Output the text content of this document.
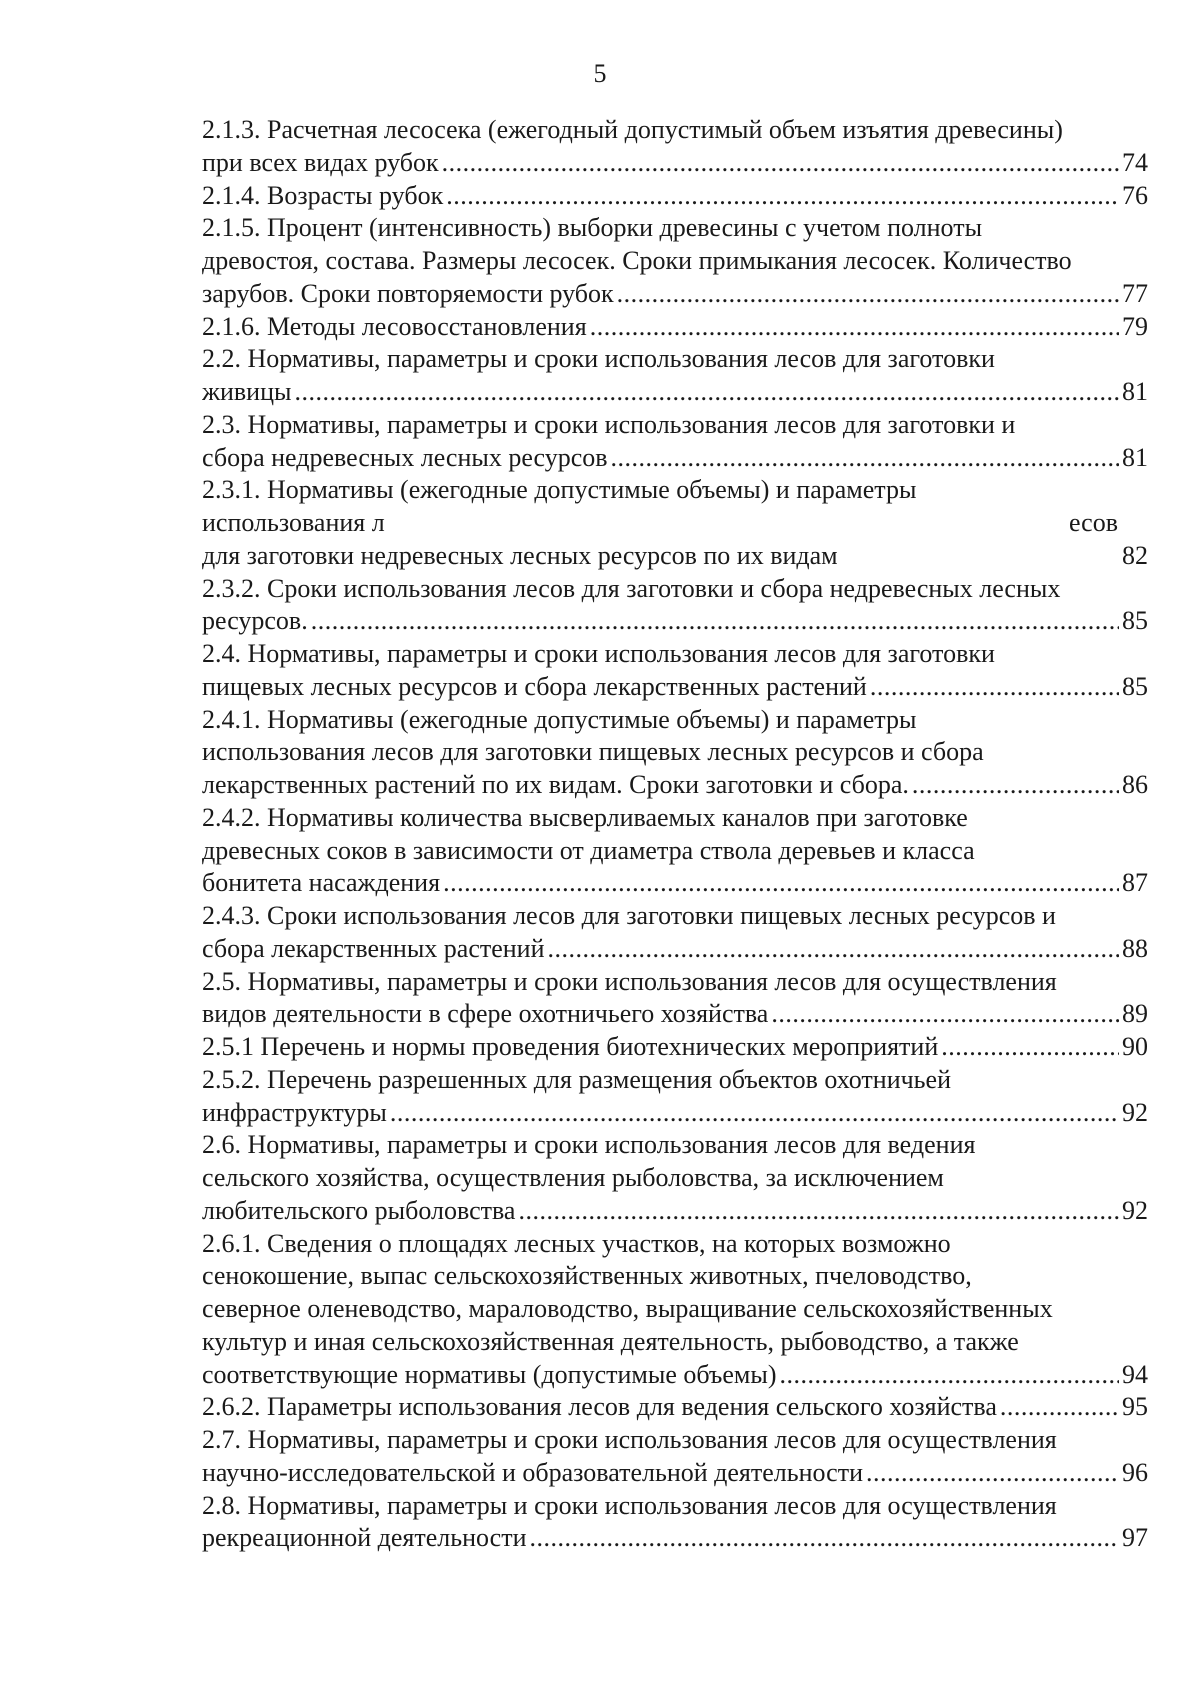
5
2.1.3. Расчетная лесосека (ежегодный допустимый объем изъятия древесины)
при всех видах рубок .....	74
2.1.4. Возрасты рубок .....	76
2.1.5. Процент (интенсивность) выборки древесины с учетом полноты
древостоя, состава. Размеры лесосек. Сроки примыкания лесосек. Количество
зарубов. Сроки повторяемости рубок .....	77
2.1.6. Методы лесовосстановления .....	79
2.2. Нормативы, параметры и сроки использования лесов для заготовки
живицы .....	81
2.3. Нормативы, параметры и сроки использования лесов для заготовки и
сбора недревесных лесных ресурсов .....	81
2.3.1. Нормативы (ежегодные допустимые объемы) и параметры
использования л	есов
для заготовки недревесных лесных ресурсов по их видам	82
2.3.2. Сроки использования лесов для заготовки и сбора недревесных лесных
ресурсов. .....	85
2.4. Нормативы, параметры и сроки использования лесов для заготовки
пищевых лесных ресурсов и сбора лекарственных растений .....	85
2.4.1. Нормативы (ежегодные допустимые объемы) и параметры
использования лесов для заготовки пищевых лесных ресурсов и сбора
лекарственных растений по их видам. Сроки заготовки и сбора. .....	86
2.4.2. Нормативы количества высверливаемых каналов при заготовке
древесных соков в зависимости от диаметра ствола деревьев и класса
бонитета насаждения .....	87
2.4.3. Сроки использования лесов для заготовки пищевых лесных ресурсов и
сбора лекарственных растений .....	88
2.5. Нормативы, параметры и сроки использования лесов для осуществления
видов деятельности в сфере охотничьего хозяйства .....	89
2.5.1 Перечень и нормы проведения биотехнических мероприятий .....	90
2.5.2. Перечень разрешенных для размещения объектов охотничьей
инфраструктуры .....	92
2.6. Нормативы, параметры и сроки использования лесов для ведения
сельского хозяйства, осуществления рыболовства, за исключением
любительского рыболовства .....	92
2.6.1. Сведения о площадях лесных участков, на которых возможно
сенокошение, выпас сельскохозяйственных животных, пчеловодство,
северное оленеводство, мараловодство, выращивание сельскохозяйственных
культур и иная сельскохозяйственная деятельность, рыбоводство, а также
соответствующие нормативы (допустимые объемы) .....	94
2.6.2. Параметры использования лесов для ведения сельского хозяйства .....	95
2.7. Нормативы, параметры и сроки использования лесов для осуществления
научно-исследовательской и образовательной деятельности .....	96
2.8. Нормативы, параметры и сроки использования лесов для осуществления
рекреационной деятельности .....	97
